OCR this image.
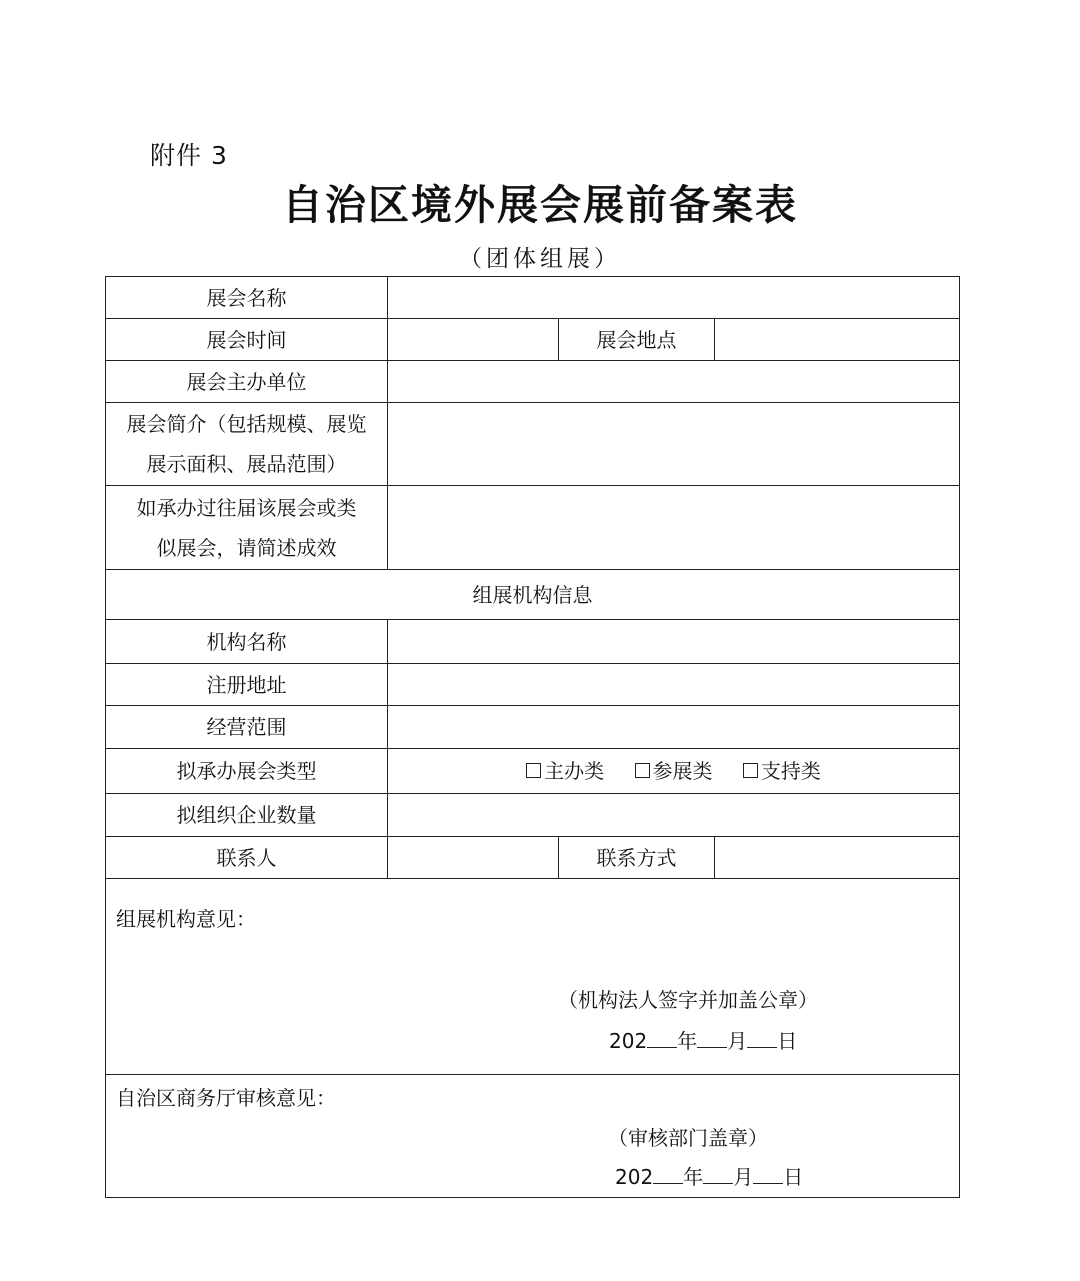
附件 3
自治区境外展会展前备案表
（团体组展）
展会名称			
展会时间		展会地点	
展会主办单位			

展会简介（包括规模、展览
展示面积、展品范围）			

如承办过往届该展会或类
似展会，请简述成效			

组展机构信息			
机构名称			
注册地址			
经营范围			
拟承办展会类型	主办类 参展类 支持类		
拟组织企业数量			
联系人		联系方式	

组展机构意见：
（机构法人签字并加盖公章）
202 年 月 日			

自治区商务厅审核意见：
（审核部门盖章）
202 年 月 日			
